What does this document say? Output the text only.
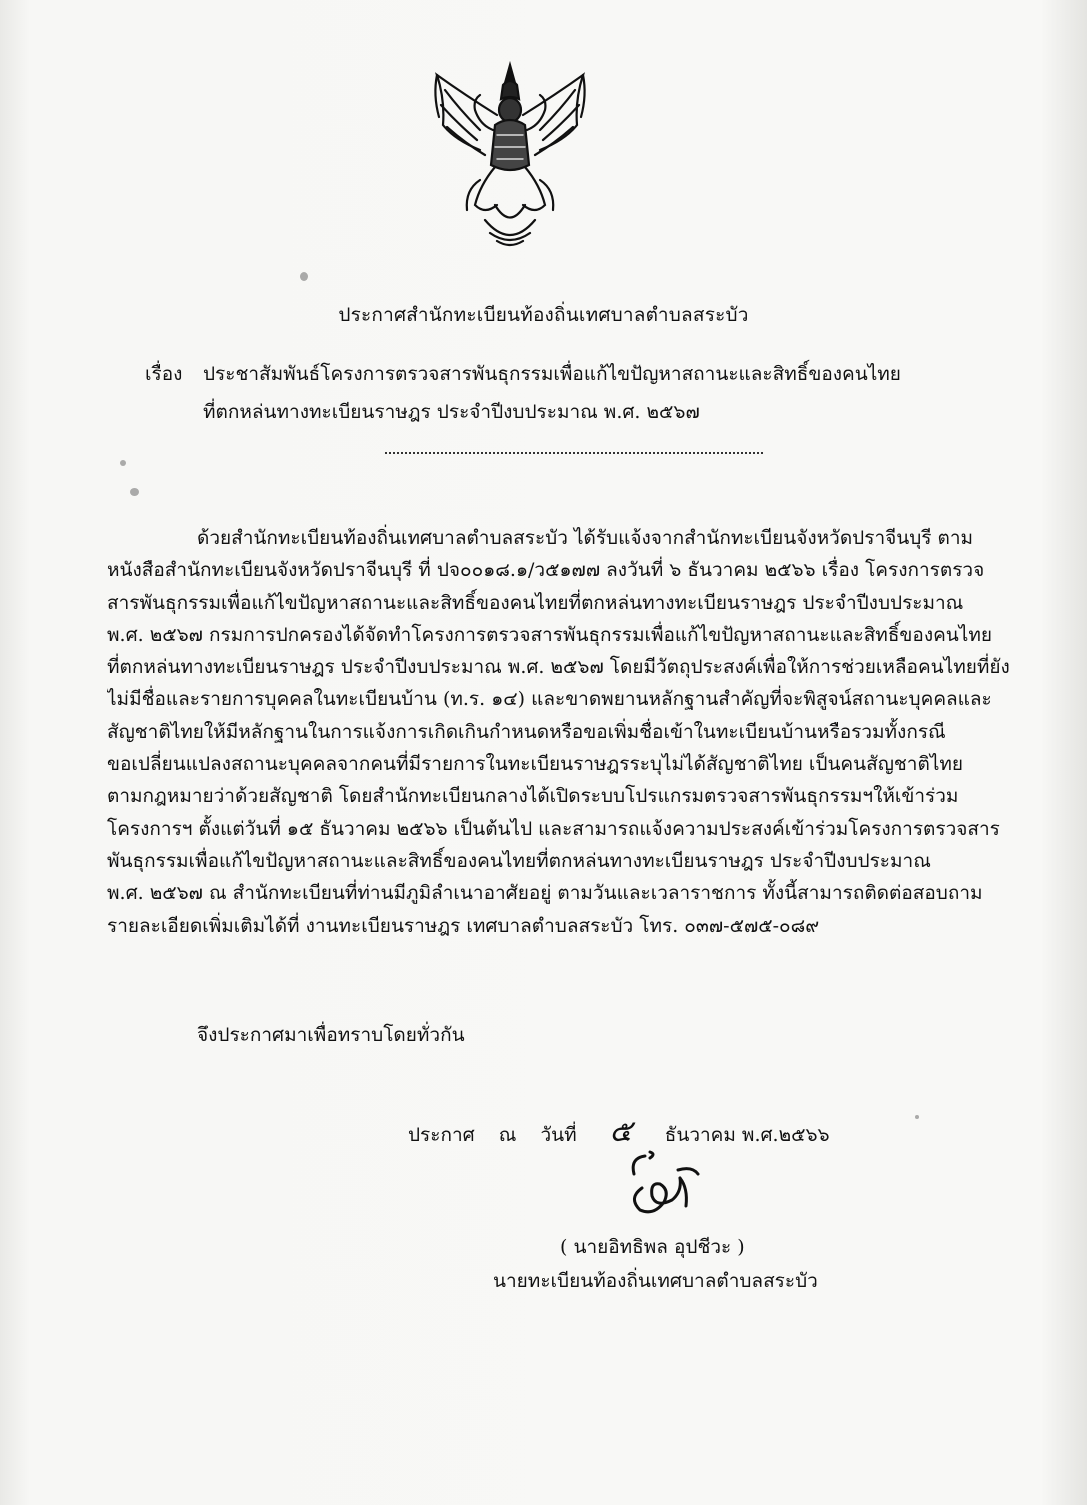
ประกาศสำนักทะเบียนท้องถิ่นเทศบาลตำบลสระบัว
เรื่อง ประชาสัมพันธ์โครงการตรวจสารพันธุกรรมเพื่อแก้ไขปัญหาสถานะและสิทธิ์ของคนไทย
ที่ตกหล่นทางทะเบียนราษฎร ประจำปีงบประมาณ พ.ศ. ๒๕๖๗
ด้วยสำนักทะเบียนท้องถิ่นเทศบาลตำบลสระบัว ได้รับแจ้งจากสำนักทะเบียนจังหวัดปราจีนบุรี ตาม
หนังสือสำนักทะเบียนจังหวัดปราจีนบุรี ที่ ปจ๐๐๑๘.๑/ว๕๑๗๗ ลงวันที่ ๖ ธันวาคม ๒๕๖๖ เรื่อง โครงการตรวจ
สารพันธุกรรมเพื่อแก้ไขปัญหาสถานะและสิทธิ์ของคนไทยที่ตกหล่นทางทะเบียนราษฎร ประจำปีงบประมาณ
พ.ศ. ๒๕๖๗ กรมการปกครองได้จัดทำโครงการตรวจสารพันธุกรรมเพื่อแก้ไขปัญหาสถานะและสิทธิ์ของคนไทย
ที่ตกหล่นทางทะเบียนราษฎร ประจำปีงบประมาณ พ.ศ. ๒๕๖๗ โดยมีวัตถุประสงค์เพื่อให้การช่วยเหลือคนไทยที่ยัง
ไม่มีชื่อและรายการบุคคลในทะเบียนบ้าน (ท.ร. ๑๔) และขาดพยานหลักฐานสำคัญที่จะพิสูจน์สถานะบุคคลและ
สัญชาติไทยให้มีหลักฐานในการแจ้งการเกิดเกินกำหนดหรือขอเพิ่มชื่อเข้าในทะเบียนบ้านหรือรวมทั้งกรณี
ขอเปลี่ยนแปลงสถานะบุคคลจากคนที่มีรายการในทะเบียนราษฎรระบุไม่ได้สัญชาติไทย เป็นคนสัญชาติไทย
ตามกฎหมายว่าด้วยสัญชาติ โดยสำนักทะเบียนกลางได้เปิดระบบโปรแกรมตรวจสารพันธุกรรมฯให้เข้าร่วม
โครงการฯ ตั้งแต่วันที่ ๑๕ ธันวาคม ๒๕๖๖ เป็นต้นไป และสามารถแจ้งความประสงค์เข้าร่วมโครงการตรวจสาร
พันธุกรรมเพื่อแก้ไขปัญหาสถานะและสิทธิ์ของคนไทยที่ตกหล่นทางทะเบียนราษฎร ประจำปีงบประมาณ
พ.ศ. ๒๕๖๗ ณ สำนักทะเบียนที่ท่านมีภูมิลำเนาอาศัยอยู่ ตามวันและเวลาราชการ ทั้งนี้สามารถติดต่อสอบถาม
รายละเอียดเพิ่มเติมได้ที่ งานทะเบียนราษฎร เทศบาลตำบลสระบัว โทร. ๐๓๗-๕๗๕-๐๘๙
จึงประกาศมาเพื่อทราบโดยทั่วกัน
ประกาศ ณ วันที่ ๕ ธันวาคม พ.ศ.๒๕๖๖
( นายอิทธิพล อุปชีวะ )
นายทะเบียนท้องถิ่นเทศบาลตำบลสระบัว
